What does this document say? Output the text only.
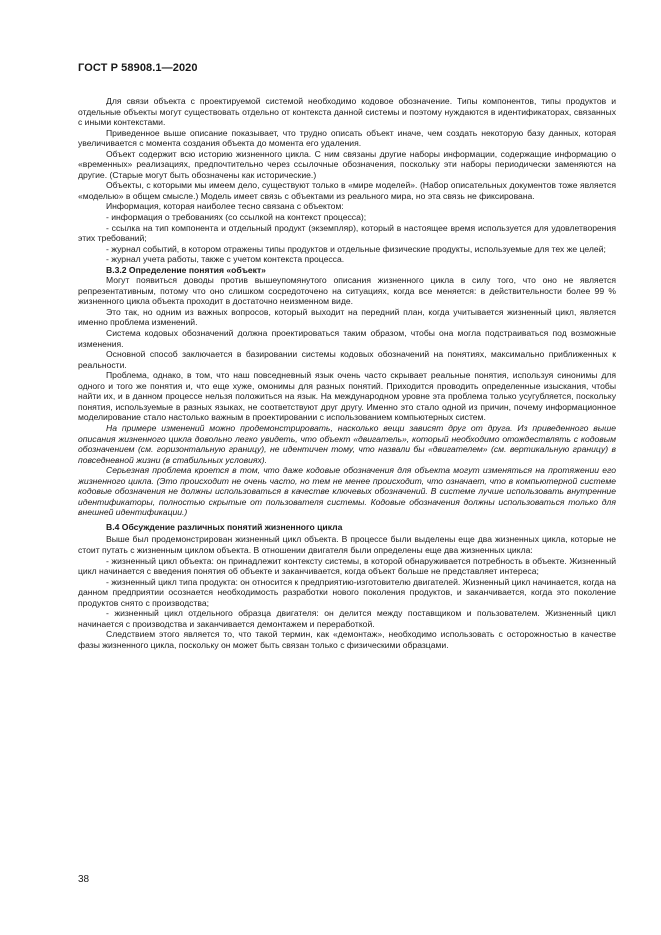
ГОСТ Р 58908.1—2020

Для связи объекта с проектируемой системой необходимо кодовое обозначение. Типы компонентов, типы продуктов и отдельные объекты могут существовать отдельно от контекста данной системы и поэтому нуждаются в идентификаторах, связанных с иными контекстами.

Приведенное выше описание показывает, что трудно описать объект иначе, чем создать некоторую базу данных, которая увеличивается с момента создания объекта до момента его удаления.

Объект содержит всю историю жизненного цикла. С ним связаны другие наборы информации, содержащие информацию о «временных» реализациях, предпочтительно через ссылочные обозначения, поскольку эти наборы периодически заменяются на другие. (Старые могут быть обозначены как исторические.)

Объекты, с которыми мы имеем дело, существуют только в «мире моделей». (Набор описательных документов тоже является «моделью» в общем смысле.) Модель имеет связь с объектами из реального мира, но эта связь не фиксирована.

Информация, которая наиболее тесно связана с объектом:

- информация о требованиях (со ссылкой на контекст процесса);

- ссылка на тип компонента и отдельный продукт (экземпляр), который в настоящее время используется для удовлетворения этих требований;

- журнал событий, в котором отражены типы продуктов и отдельные физические продукты, используемые для тех же целей;

- журнал учета работы, также с учетом контекста процесса.

В.3.2 Определение понятия «объект»

Могут появиться доводы против вышеупомянутого описания жизненного цикла в силу того, что оно не является репрезентативным, потому что оно слишком сосредоточено на ситуациях, когда все меняется: в действительности более 99 % жизненного цикла объекта проходит в достаточно неизменном виде.

Это так, но одним из важных вопросов, который выходит на передний план, когда учитывается жизненный цикл, является именно проблема изменений.

Система кодовых обозначений должна проектироваться таким образом, чтобы она могла подстраиваться под возможные изменения.

Основной способ заключается в базировании системы кодовых обозначений на понятиях, максимально приближенных к реальности.

Проблема, однако, в том, что наш повседневный язык очень часто скрывает реальные понятия, используя синонимы для одного и того же понятия и, что еще хуже, омонимы для разных понятий. Приходится проводить определенные изыскания, чтобы найти их, и в данном процессе нельзя положиться на язык. На международном уровне эта проблема только усугубляется, поскольку понятия, используемые в разных языках, не соответствуют друг другу. Именно это стало одной из причин, почему информационное моделирование стало настолько важным в проектировании с использованием компьютерных систем.

На примере изменений можно продемонстрировать, насколько вещи зависят друг от друга. Из приведенного выше описания жизненного цикла довольно легко увидеть, что объект «двигатель», который необходимо отождествлять с кодовым обозначением (см. горизонтальную границу), не идентичен тому, что назвали бы «двигателем» (см. вертикальную границу) в повседневной жизни (в стабильных условиях).

Серьезная проблема кроется в том, что даже кодовые обозначения для объекта могут изменяться на протяжении его жизненного цикла. (Это происходит не очень часто, но тем не менее происходит, что означает, что в компьютерной системе кодовые обозначения не должны использоваться в качестве ключевых обозначений. В системе лучше использовать внутренние идентификаторы, полностью скрытые от пользователя системы. Кодовые обозначения должны использоваться только для внешней идентификации.)

В.4 Обсуждение различных понятий жизненного цикла

Выше был продемонстрирован жизненный цикл объекта. В процессе были выделены еще два жизненных цикла, которые не стоит путать с жизненным циклом объекта. В отношении двигателя были определены еще два жизненных цикла:

- жизненный цикл объекта: он принадлежит контексту системы, в которой обнаруживается потребность в объекте. Жизненный цикл начинается с введения понятия об объекте и заканчивается, когда объект больше не представляет интереса;

- жизненный цикл типа продукта: он относится к предприятию-изготовителю двигателей. Жизненный цикл начинается, когда на данном предприятии осознается необходимость разработки нового поколения продуктов, и заканчивается, когда это поколение продуктов снято с производства;

- жизненный цикл отдельного образца двигателя: он делится между поставщиком и пользователем. Жизненный цикл начинается с производства и заканчивается демонтажем и переработкой.

Следствием этого является то, что такой термин, как «демонтаж», необходимо использовать с осторожностью в качестве фазы жизненного цикла, поскольку он может быть связан только с физическими образцами.

38
